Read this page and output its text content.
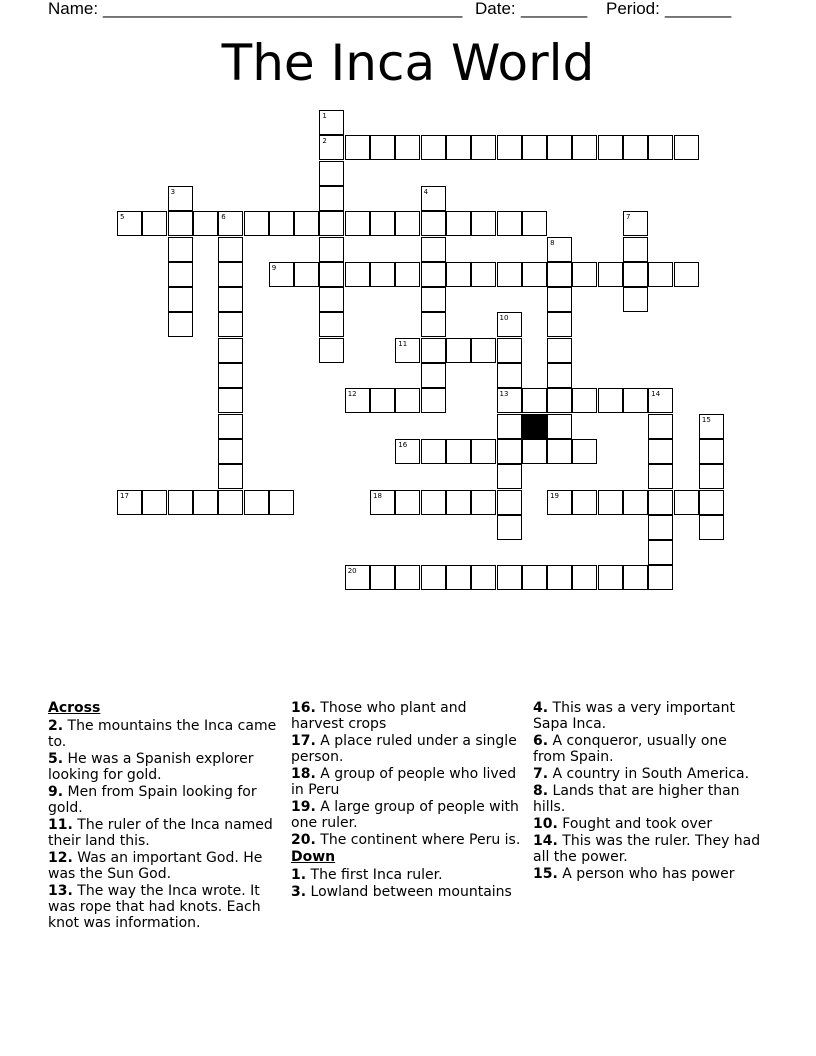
Name: ______________________________________ Date: _______ Period: _______
The Inca World
2
5	6
9
11
12	13	14
16
17	18	19
20
1
3	4
7
8
10
15
Across
2. The mountains the Inca came to.
5. He was a Spanish explorer looking for gold.
9. Men from Spain looking for gold.
11. The ruler of the Inca named their land this.
12. Was an important God. He was the Sun God.
13. The way the Inca wrote. It was rope that had knots. Each knot was information.
16. Those who plant and harvest crops
17. A place ruled under a single person.
18. A group of people who lived in Peru
19. A large group of people with one ruler.
20. The continent where Peru is.
Down
1. The first Inca ruler.
3. Lowland between mountains
4. This was a very important Sapa Inca.
6. A conqueror, usually one from Spain.
7. A country in South America.
8. Lands that are higher than hills.
10. Fought and took over
14. This was the ruler. They had all the power.
15. A person who has power
